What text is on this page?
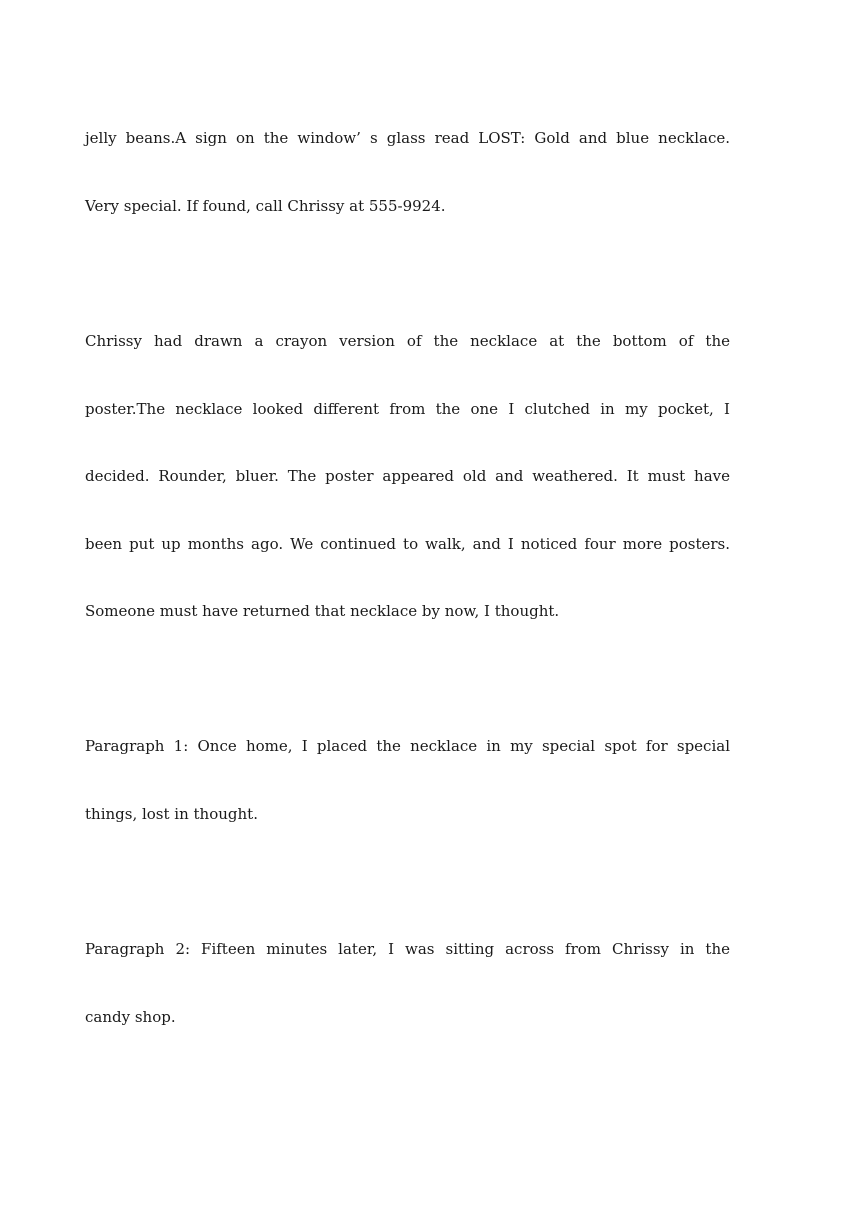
jelly beans.A sign on the window’ s glass read LOST: Gold and blue necklace.
Very special. If found, call Chrissy at 555-9924.
Chrissy had drawn a crayon version of the necklace at the bottom of the
poster.The necklace looked different from the one I clutched in my pocket, I
decided. Rounder, bluer. The poster appeared old and weathered. It must have
been put up months ago. We continued to walk, and I noticed four more posters.
Someone must have returned that necklace by now, I thought.
Paragraph 1: Once home, I placed the necklace in my special spot for special
things, lost in thought.
Paragraph 2: Fifteen minutes later, I was sitting across from Chrissy in the
candy shop.
